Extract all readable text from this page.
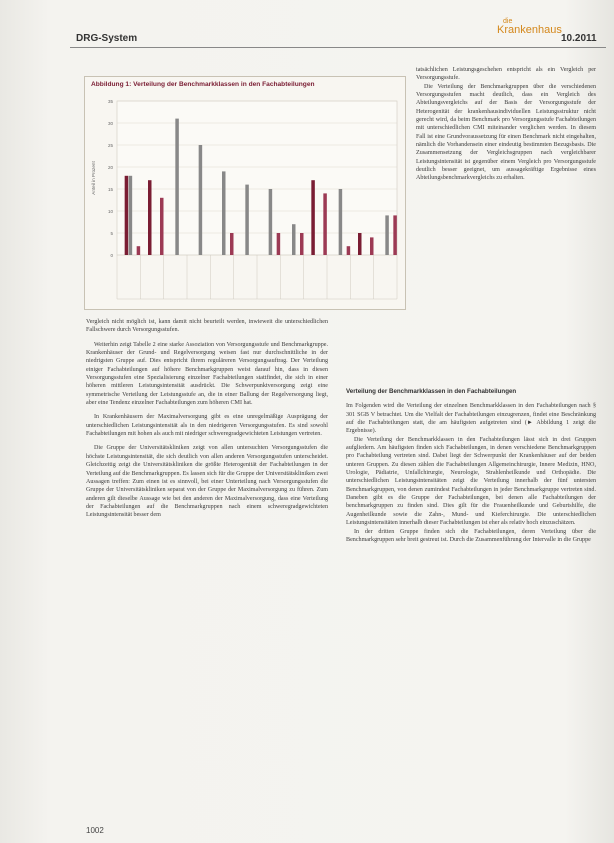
DRG-System
die
Krankenhaus
10.2011
Abbildung 1: Verteilung der Benchmarkklassen in den Fachabteilungen
0
5
10
15
20
25
30
35
Anteil in Prozent

Vergleich nicht möglich ist, kann damit nicht beurteilt werden, inwieweit die unterschiedlichen Fallschwere durch Versorgungsstufen.

Weiterhin zeigt Tabelle 2 eine starke Assoziation von Versorgungsstufe und Benchmarkgruppe. Krankenhäuser der Grund- und Regelversorgung weisen fast nur durchschnittliche in der niedrigsten Gruppe auf. Dies entspricht ihrem reguläreren Versorgungsauftrag. Der Verteilung einiger Fachabteilungen auf höhere Benchmarkgruppen weist darauf hin, dass in diesen Versorgungsstufen eine Spezialisierung einzelner Fachabteilungen stattfindet, die sich in einer höheren mittleren Leistungsintensität ausdrückt. Die Schwerpunktversorgung zeigt eine symmetrische Verteilung der Leistungsstufe an, die in einer Ballung der Regelversorgung liegt, aber eine Tendenz einzelner Fachabteilungen zum höheren CMI hat.

In Krankenhäusern der Maximalversorgung gibt es eine unregelmäßige Ausprägung der unterschiedlichen Leistungsintensität als in den niedrigeren Versorgungsstufen. Es sind sowohl Fachabteilungen mit hohen als auch mit niedriger schweregradgewichteten Leistungen vertreten.

Die Gruppe der Universitätskliniken zeigt von allen untersuchten Versorgungsstufen die höchste Leistungsintensität, die sich deutlich von allen anderen Versorgungsstufen unterscheidet. Gleichzeitig zeigt die Universitätskliniken die größte Heterogenität der Fachabteilungen in der Verteilung auf die Benchmarkgruppen. Es lassen sich für die Gruppe der Universitätskliniken zwei Aussagen treffen: Zum einen ist es sinnvoll, bei einer Unterteilung nach Versorgungsstufen die Gruppe der Universitätskliniken separat von der Gruppe der Maximalversorgung zu führen. Zum anderen gilt dieselbe Aussage wie bei den anderen der Maximalversorgung, dass eine Verteilung der Fachabteilungen auf die Benchmarkgruppen nach einem schweregradgewichteten Leistungsintensität besser dem

tatsächlichen Leistungsgeschehen entspricht als ein Vergleich per Versorgungsstufe.

Die Verteilung der Benchmarkgruppen über die verschiedenen Versorgungsstufen macht deutlich, dass ein Vergleich des Abteilungsvergleichs auf der Basis der Versorgungsstufe der Heterogenität der krankenhausindividuellen Leistungsstruktur nicht gerecht wird, da beim Benchmark pro Versorgungsstufe Fachabteilungen mit unterschiedlichen CMI miteinander verglichen werden. In diesem Fall ist eine Grundvoraussetzung für einen Benchmark nicht eingehalten, nämlich die Vorhandensein einer eindeutig bestimmten Bezugsbasis. Die Zusammensetzung der Vergleichsgruppen nach vergleichbarer Leistungsintensität ist gegenüber einem Vergleich pro Versorgungsstufe deutlich besser geeignet, um aussagekräftige Ergebnisse eines Abteilungsbenchmarkvergleichs zu erhalten.

Verteilung der Benchmarkklassen in den Fachabteilungen

Im Folgenden wird die Verteilung der einzelnen Benchmarkklassen in den Fachabteilungen nach § 301 SGB V betrachtet. Um die Vielfalt der Fachabteilungen einzugrenzen, findet eine Beschränkung auf die Fachabteilungen statt, die am häufigsten aufgetreten sind (► Abbildung 1 zeigt die Ergebnisse).

Die Verteilung der Benchmarkklassen in den Fachabteilungen lässt sich in drei Gruppen aufgliedern. Am häufigsten finden sich Fachabteilungen, in denen verschiedene Benchmarkgruppen pro Fachabteilung vertreten sind. Dabei liegt der Schwerpunkt der Krankenhäuser auf der beiden unteren Gruppen. Zu diesen zählen die Fachabteilungen Allgemeinchirurgie, Innere Medizin, HNO, Urologie, Pädiatrie, Unfallchirurgie, Neurologie, Strahlenheilkunde und Orthopädie. Die unterschiedlichen Leistungsintensitäten zeigt die Verteilung innerhalb der fünf untersten Benchmarkgruppen, von denen zumindest Fachabteilungen in jeder Benchmarkgruppe vertreten sind. Daneben gibt es die Gruppe der Fachabteilungen, bei denen alle Fachabteilungen der benchmarkgruppen zu finden sind. Dies gilt für die Frauenheilkunde und Geburtshilfe, die Augenheilkunde sowie die Zahn-, Mund- und Kieferchirurgie. Die unterschiedlichen Leistungsintensitäten innerhalb dieser Fachabteilungen ist eher als relativ hoch einzuschätzen.

In der dritten Gruppe finden sich die Fachabteilungen, deren Verteilung über die Benchmarkgruppen sehr breit gestreut ist. Durch die Zusammenführung der Intervalle in die Gruppe

1002
